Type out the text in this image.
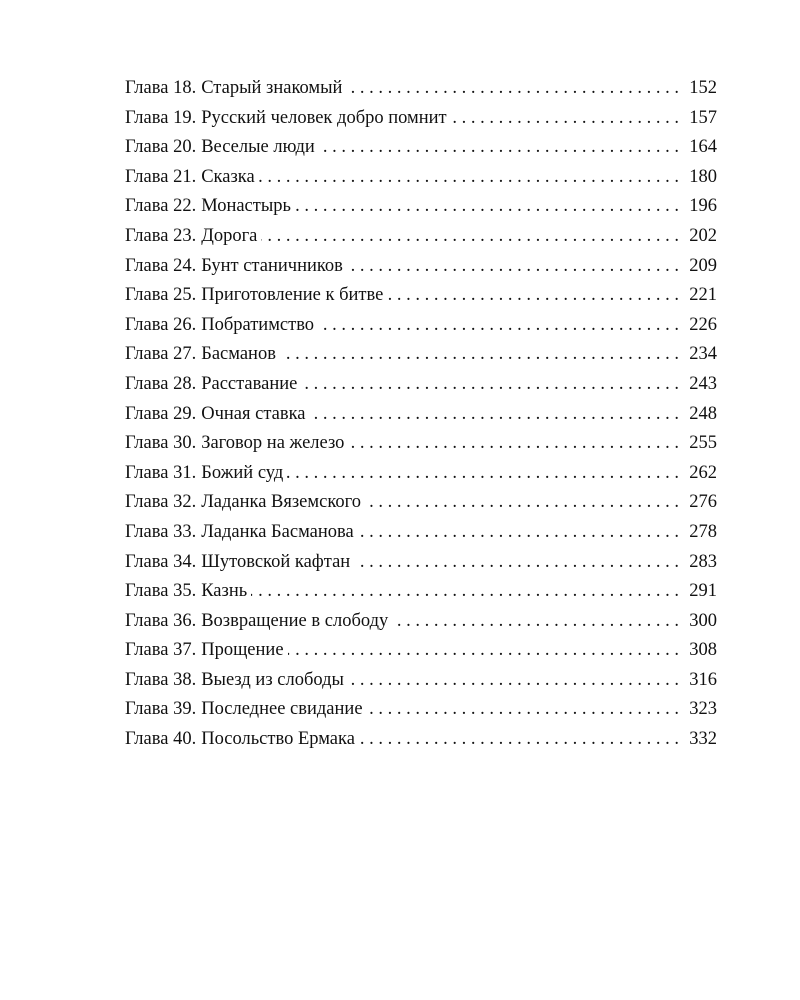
Глава 18. Старый знакомый . . .	152
Глава 19. Русский человек добро помнит . . .	157
Глава 20. Веселые люди . . .	164
Глава 21. Сказка . . .	180
Глава 22. Монастырь . . .	196
Глава 23. Дорога . . .	202
Глава 24. Бунт станичников . . .	209
Глава 25. Приготовление к битве . . .	221
Глава 26. Побратимство . . .	226
Глава 27. Басманов . . .	234
Глава 28. Расставание . . .	243
Глава 29. Очная ставка . . .	248
Глава 30. Заговор на железо . . .	255
Глава 31. Божий суд . . .	262
Глава 32. Ладанка Вяземского . . .	276
Глава 33. Ладанка Басманова . . .	278
Глава 34. Шутовской кафтан . . .	283
Глава 35. Казнь . . .	291
Глава 36. Возвращение в слободу . . .	300
Глава 37. Прощение . . .	308
Глава 38. Выезд из слободы . . .	316
Глава 39. Последнее свидание . . .	323
Глава 40. Посольство Ермака . . .	332
